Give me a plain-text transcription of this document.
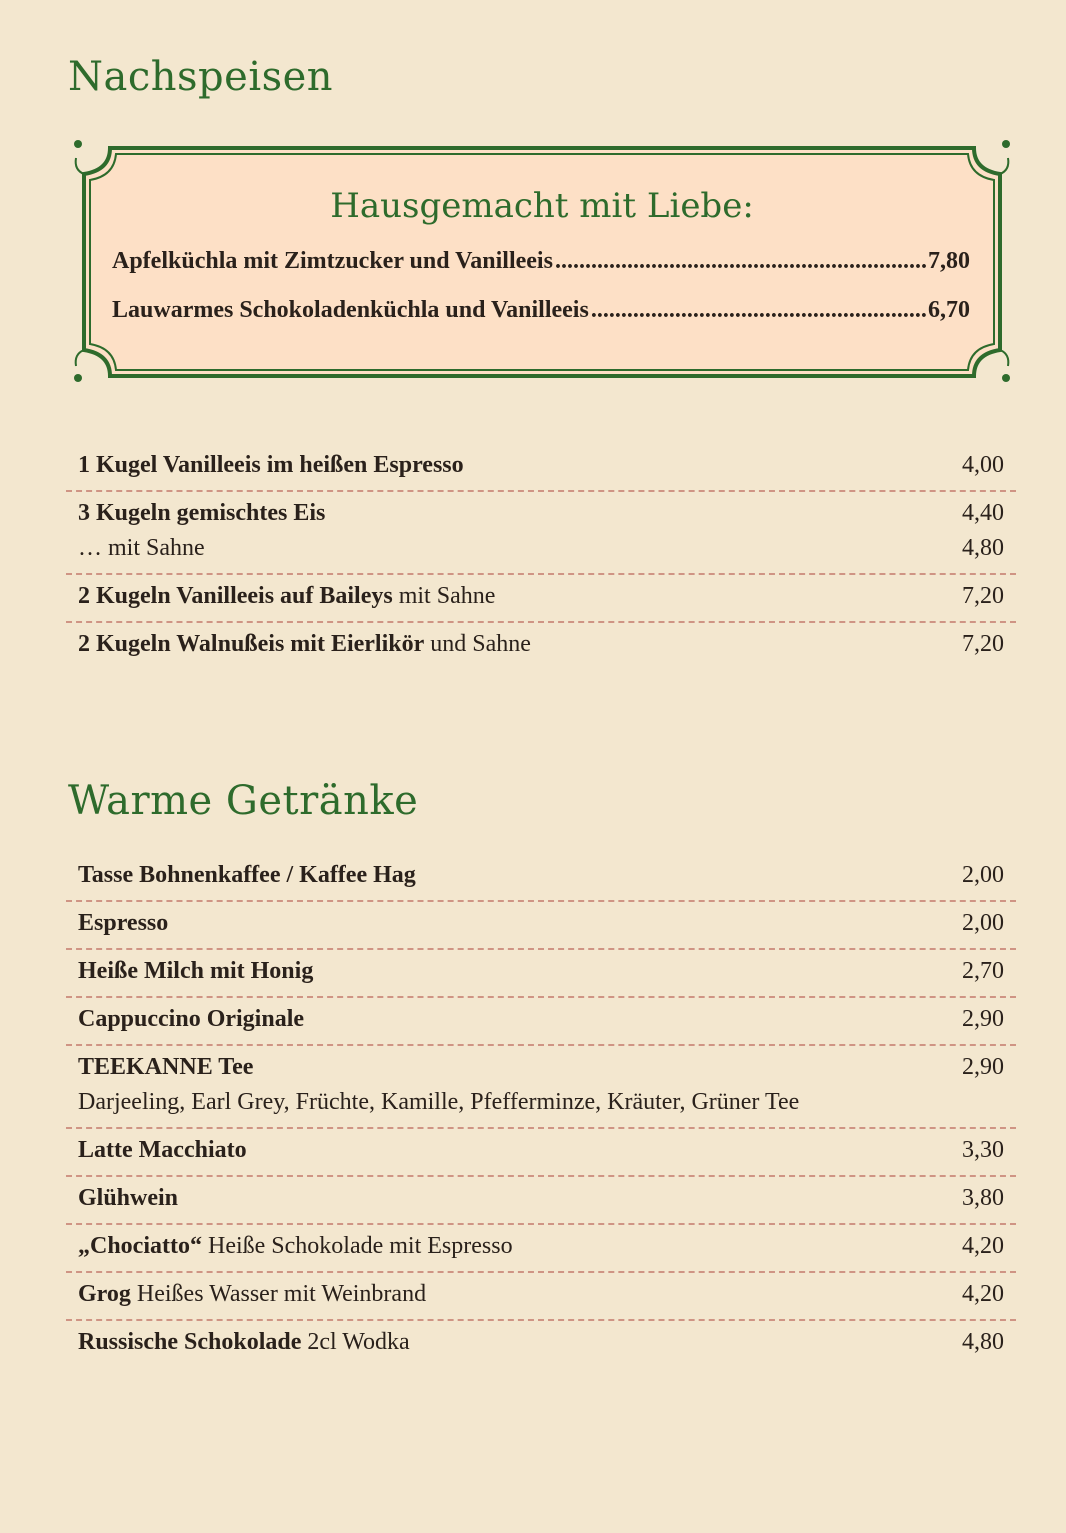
Nachspeisen
Hausgemacht mit Liebe:
Apfelküchla mit Zimtzucker und Vanilleeis .....	7,80
Lauwarmes Schokoladenküchla und Vanilleeis .....	6,70
1 Kugel Vanilleeis im heißen Espresso	4,00
3 Kugeln gemischtes Eis	4,40
… mit Sahne	4,80
2 Kugeln Vanilleeis auf Baileys mit Sahne	7,20
2 Kugeln Walnußeis mit Eierlikör und Sahne	7,20
Warme Getränke
Tasse Bohnenkaffee / Kaffee Hag	2,00
Espresso	2,00
Heiße Milch mit Honig	2,70
Cappuccino Originale	2,90
TEEKANNE Tee	2,90
Darjeeling, Earl Grey, Früchte, Kamille, Pfefferminze, Kräuter, Grüner Tee
Latte Macchiato	3,30
Glühwein	3,80
„Chociatto“ Heiße Schokolade mit Espresso	4,20
Grog Heißes Wasser mit Weinbrand	4,20
Russische Schokolade 2cl Wodka	4,80
